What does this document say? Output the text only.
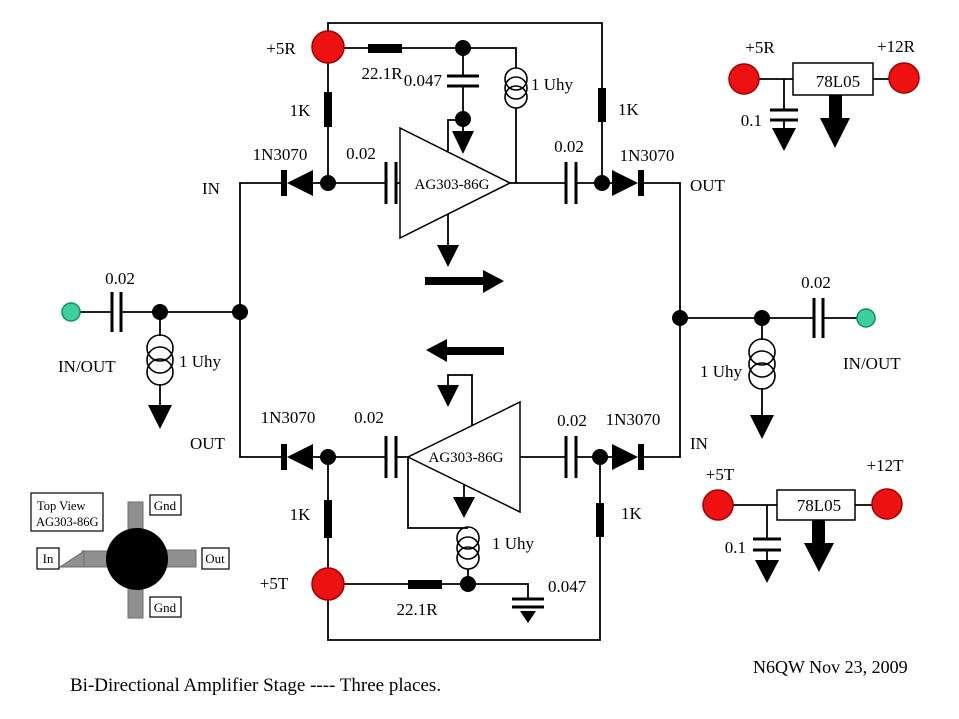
AG303-86G
+5R
22.1R
1K
1N3070 0.02
0.047	1 Uhy
1K
0.02 1N3070
IN	OUT
0.02
IN/OUT	1 Uhy
0.02
IN/OUT
1 Uhy
AG303-86G
OUT
1N3070 0.02	0.02 1N3070
IN
1K	1K
+5T
22.1R
1 Uhy
0.047
+5R	+12R
78L05
0.1
+5T	+12T
78L05
0.1
Top View
AG303-86G
Gnd
Gnd
In	Out
Bi-Directional Amplifier Stage ---- Three places.
N6QW Nov 23, 2009
